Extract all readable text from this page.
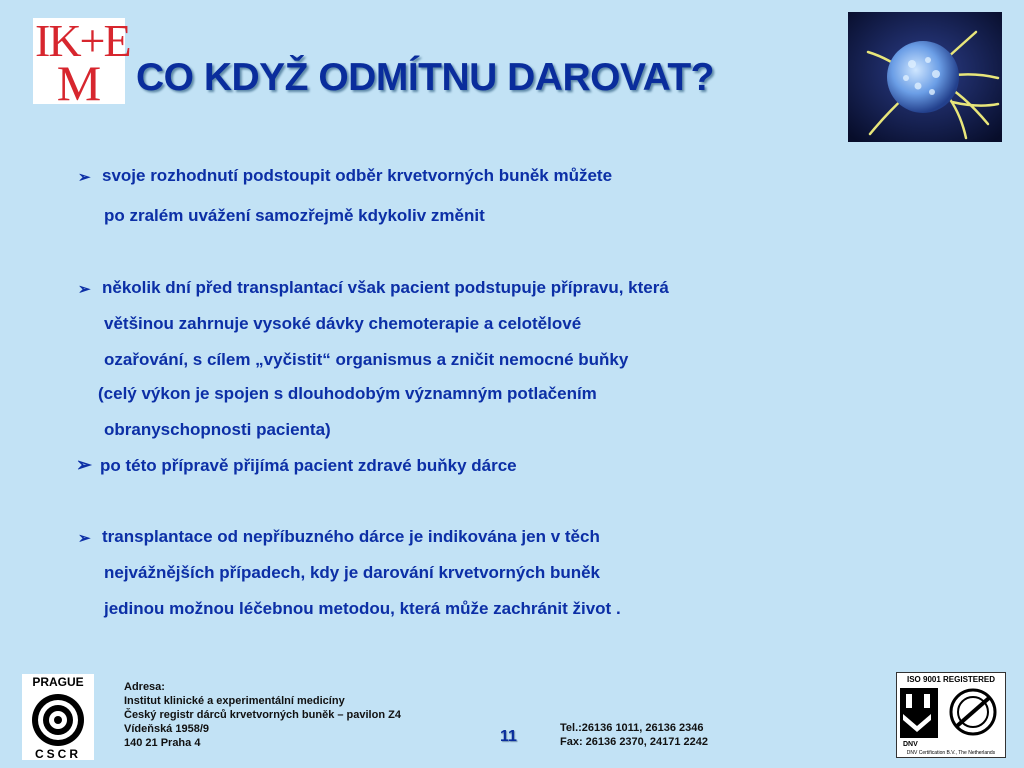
IK+E
M CO KDYŽ ODMÍTNU DAROVAT?
➢ svoje rozhodnutí podstoupit odběr krvetvorných buněk můžete
po zralém uvážení samozřejmě kdykoliv změnit
➢ několik dní před transplantací však pacient podstupuje přípravu, která
většinou zahrnuje vysoké dávky chemoterapie a celotělové
ozařování, s cílem „vyčistit“ organismus a zničit nemocné buňky
(celý výkon je spojen s dlouhodobým významným potlačením
obranyschopnosti pacienta)
➢ po této přípravě přijímá pacient zdravé buňky dárce
➢ transplantace od nepříbuzného dárce je indikována jen v těch
nejvážnějších případech, kdy je darování krvetvorných buněk
jedinou možnou léčebnou metodou, která může zachránit život .
PRAGUE
CSCR
Adresa:
Institut klinické a experimentální medicíny
Český registr dárců krvetvorných buněk – pavilon Z4
Vídeňská 1958/9
140 21 Praha 4	11	Tel.:26136 1011, 26136 2346
Fax: 26136 2370, 24171 2242
ISO 9001 REGISTERED
DNV
DNV Certification B.V., The Netherlands
